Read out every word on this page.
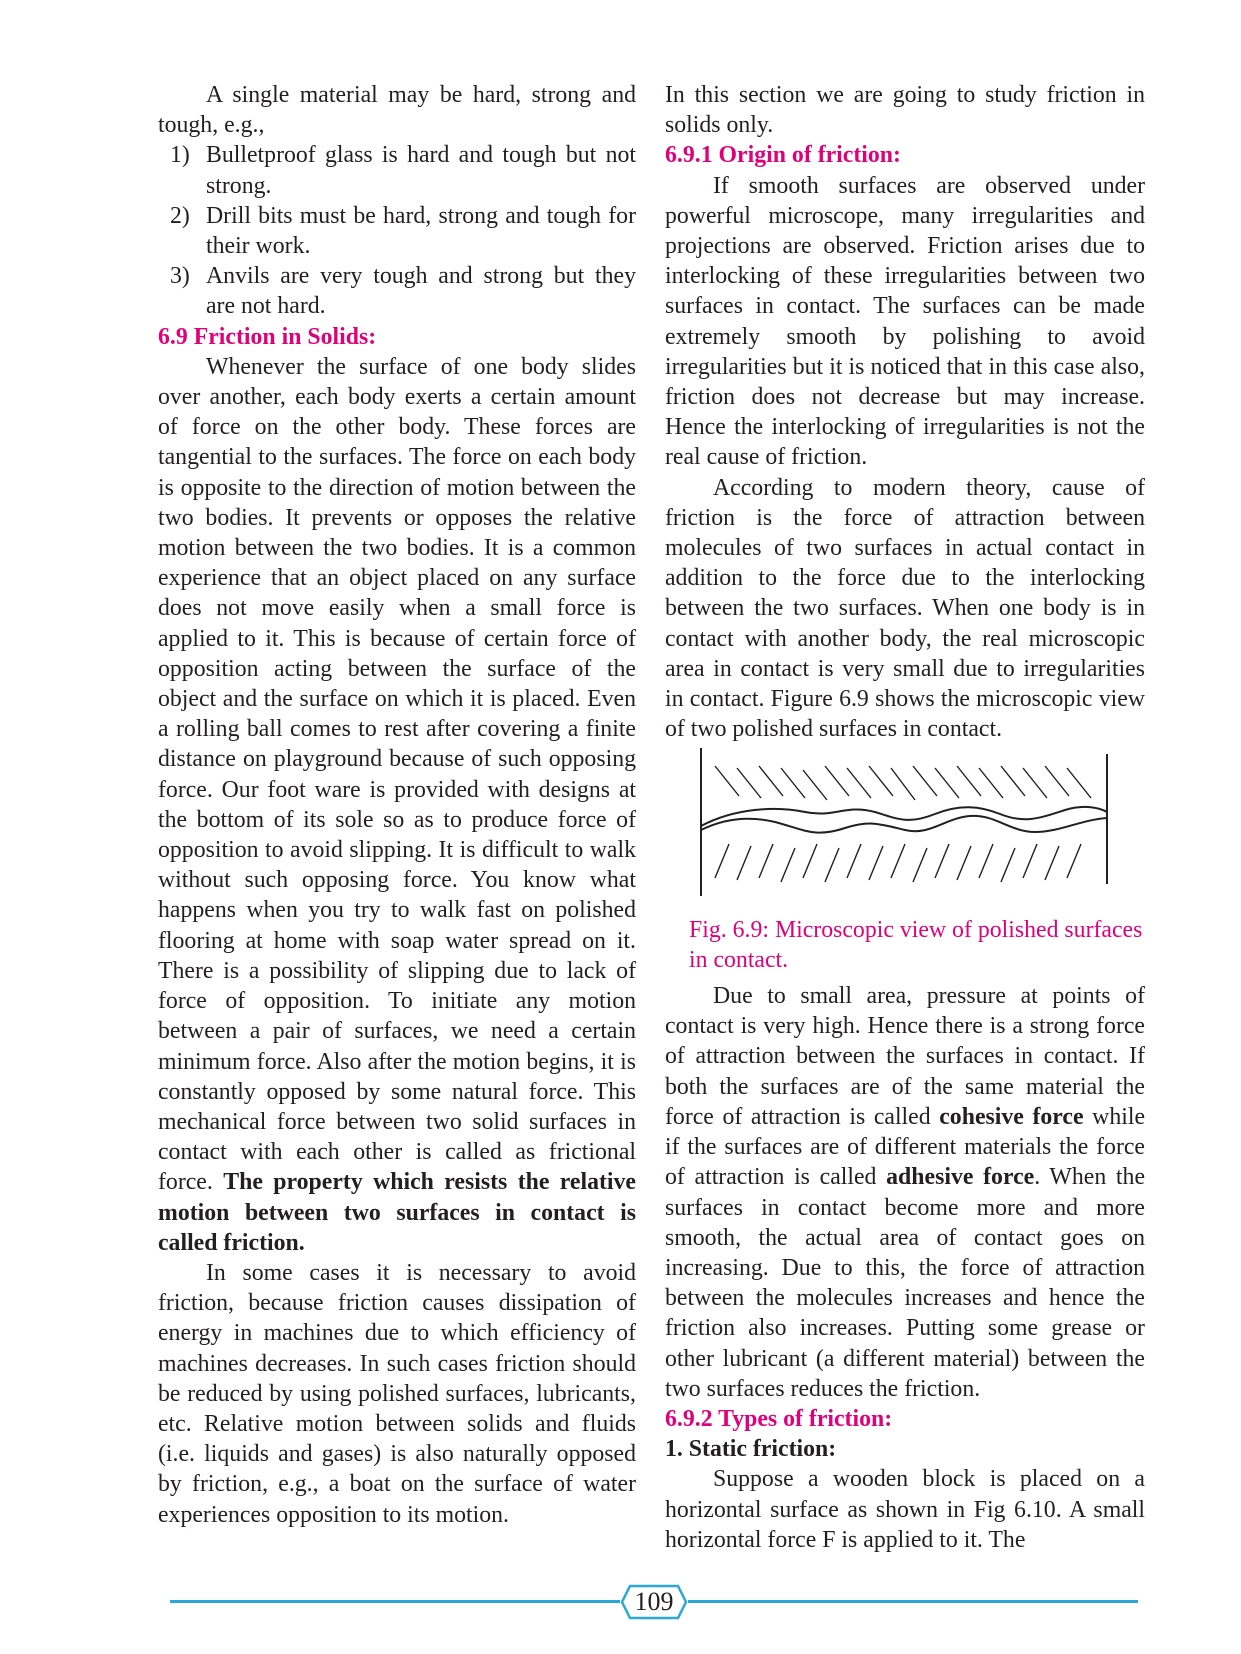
A single material may be hard, strong and tough, e.g.,

1) Bulletproof glass is hard and tough but not strong.
2) Drill bits must be hard, strong and tough for their work.
3) Anvils are very tough and strong but they are not hard.

6.9 Friction in Solids:

Whenever the surface of one body slides over another, each body exerts a certain amount of force on the other body. These forces are tangential to the surfaces. The force on each body is opposite to the direction of motion between the two bodies. It prevents or opposes the relative motion between the two bodies. It is a common experience that an object placed on any surface does not move easily when a small force is applied to it. This is because of certain force of opposition acting between the surface of the object and the surface on which it is placed. Even a rolling ball comes to rest after covering a finite distance on playground because of such opposing force. Our foot ware is provided with designs at the bottom of its sole so as to produce force of opposition to avoid slipping. It is difficult to walk without such opposing force. You know what happens when you try to walk fast on polished flooring at home with soap water spread on it. There is a possibility of slipping due to lack of force of opposition. To initiate any motion between a pair of surfaces, we need a certain minimum force. Also after the motion begins, it is constantly opposed by some natural force. This mechanical force between two solid surfaces in contact with each other is called as frictional force. The property which resists the relative motion between two surfaces in contact is called friction.

In some cases it is necessary to avoid friction, because friction causes dissipation of energy in machines due to which efficiency of machines decreases. In such cases friction should be reduced by using polished surfaces, lubricants, etc. Relative motion between solids and fluids (i.e. liquids and gases) is also naturally opposed by friction, e.g., a boat on the surface of water experiences opposition to its motion.

In this section we are going to study friction in solids only.

6.9.1 Origin of friction:

If smooth surfaces are observed under powerful microscope, many irregularities and projections are observed. Friction arises due to interlocking of these irregularities between two surfaces in contact. The surfaces can be made extremely smooth by polishing to avoid irregularities but it is noticed that in this case also, friction does not decrease but may increase. Hence the interlocking of irregularities is not the real cause of friction.

According to modern theory, cause of friction is the force of attraction between molecules of two surfaces in actual contact in addition to the force due to the interlocking between the two surfaces. When one body is in contact with another body, the real microscopic area in contact is very small due to irregularities in contact. Figure 6.9 shows the microscopic view of two polished surfaces in contact.

Fig. 6.9: Microscopic view of polished surfaces in contact.

Due to small area, pressure at points of contact is very high. Hence there is a strong force of attraction between the surfaces in contact. If both the surfaces are of the same material the force of attraction is called cohesive force while if the surfaces are of different materials the force of attraction is called adhesive force. When the surfaces in contact become more and more smooth, the actual area of contact goes on increasing. Due to this, the force of attraction between the molecules increases and hence the friction also increases. Putting some grease or other lubricant (a different material) between the two surfaces reduces the friction.

6.9.2 Types of friction:

1. Static friction:

Suppose a wooden block is placed on a horizontal surface as shown in Fig 6.10. A small horizontal force F is applied to it. The

109
